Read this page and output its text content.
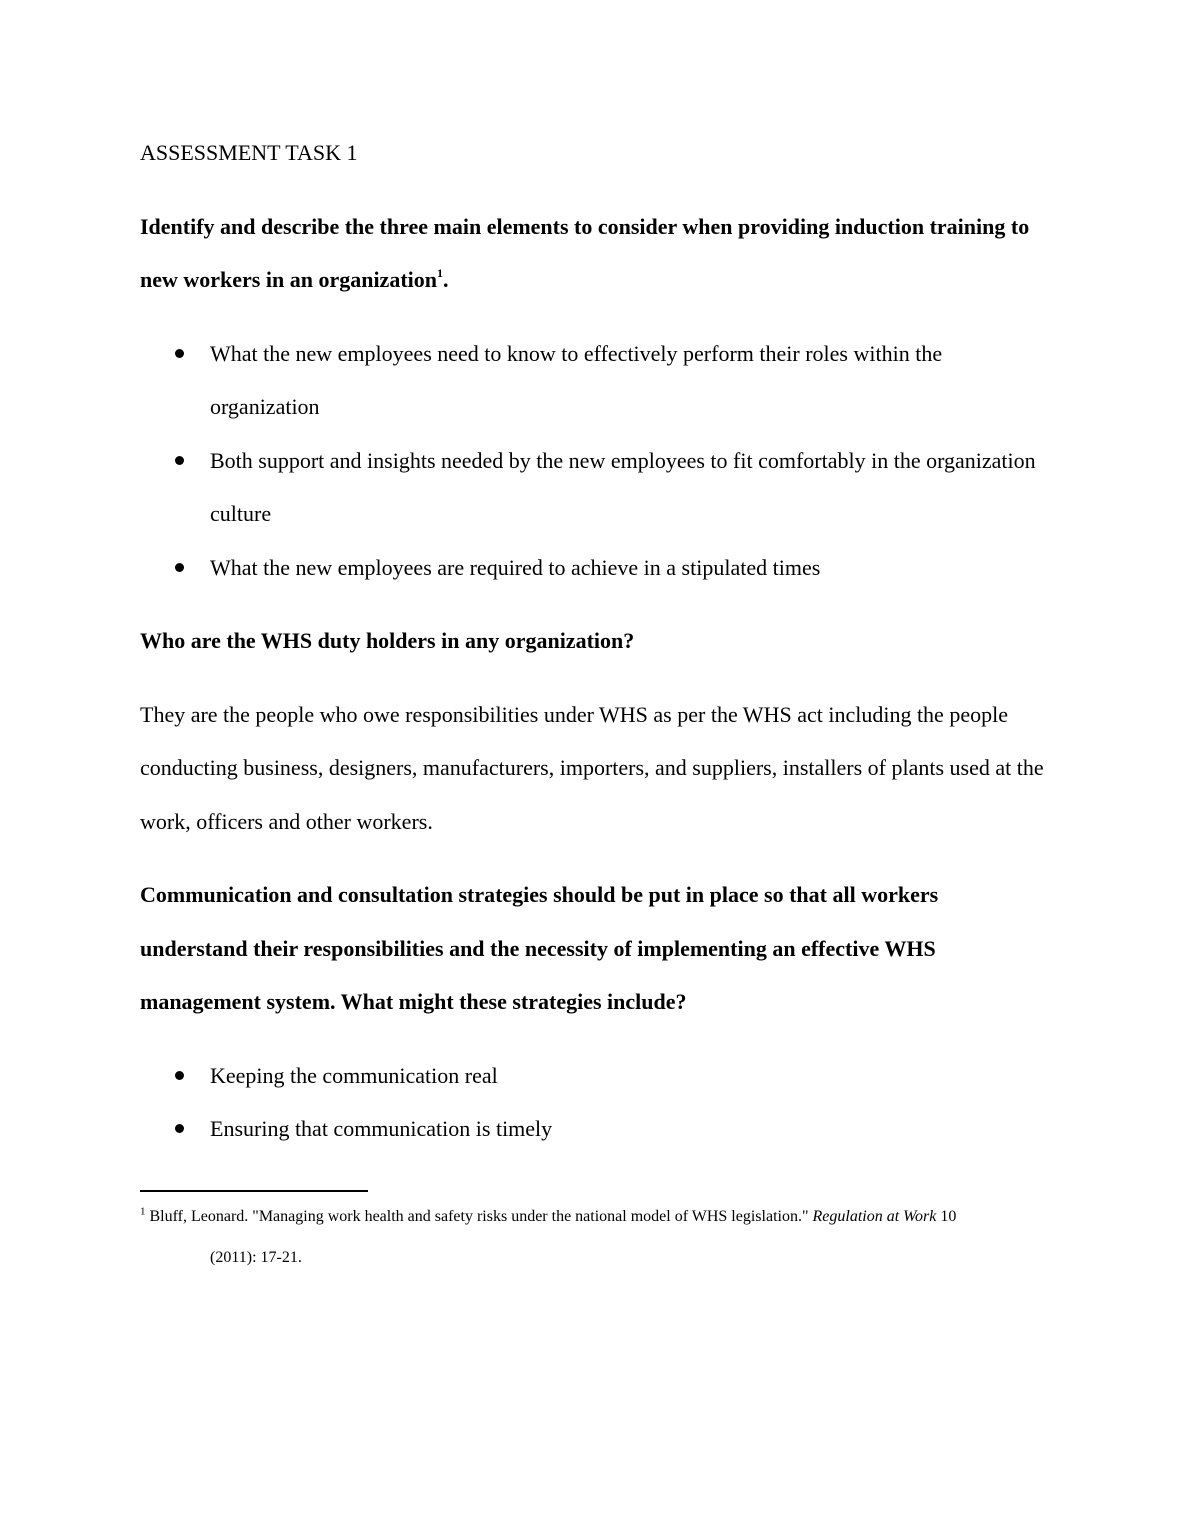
ASSESSMENT TASK 1

Identify and describe the three main elements to consider when providing induction training to new workers in an organization$^1$.

What the new employees need to know to effectively perform their roles within the organization
Both support and insights needed by the new employees to fit comfortably in the organization culture
What the new employees are required to achieve in a stipulated times

Who are the WHS duty holders in any organization?

They are the people who owe responsibilities under WHS as per the WHS act including the people conducting business, designers, manufacturers, importers, and suppliers, installers of plants used at the work, officers and other workers.

Communication and consultation strategies should be put in place so that all workers understand their responsibilities and the necessity of implementing an effective WHS management system. What might these strategies include?

Keeping the communication real
Ensuring that communication is timely
$^1$ Bluff, Leonard. "Managing work health and safety risks under the national model of WHS legislation." Regulation at Work 10
(2011): 17-21.
